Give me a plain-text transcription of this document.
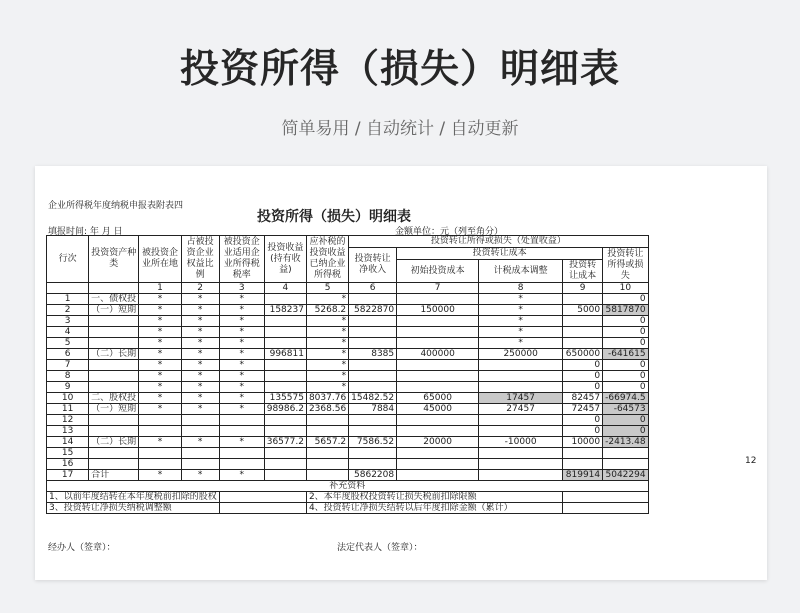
投资所得（损失）明细表
简单易用 / 自动统计 / 自动更新
企业所得税年度纳税申报表附表四
投资所得（损失）明细表
填报时间: 年 月 日	金额单位：元（列至角分）
12
行次	投资资产种类	被投资企业所在地	占被投资企业权益比例	被投资企业适用企业所得税税率	投资收益(持有收益)	应补税的投资收益已纳企业所得税	投资转让所得或损失（处置收益）				
							投资转让净收入	投资转让成本			投资转让所得或损失
								初始投资成本	计税成本调整	投资转让成本	
		1	2	3	4	5	6	7	8	9	10
1	一、债权投	*	*	*		*			*		0
2	（一）短期	*	*	*	158237	5268.2	5822870	150000	*	5000	5817870
3		*	*	*		*			*		0
4		*	*	*		*			*		0
5		*	*	*		*			*		0
6	（二）长期	*	*	*	996811	*	8385	400000	250000	650000	-641615
7		*	*	*		*				0	0
8		*	*	*		*				0	0
9		*	*	*		*				0	0
10	二、股权投	*	*	*	135575	8037.76	15482.52	65000	17457	82457	-66974.5
11	（一）短期	*	*	*	98986.2	2368.56	7884	45000	27457	72457	-64573
12										0	0
13										0	0
14	（二）长期	*	*	*	36577.2	5657.2	7586.52	20000	-10000	10000	-2413.48
15											
16											
17	合计	*	*	*			5862208			819914	5042294
补充资料											
1、以前年度结转在本年度税前扣除的股权						2、本年度股权投资转让损失税前扣除限额					
3、投资转让净损失纳税调整额						4、投资转让净损失结转以后年度扣除金额（累计）					
经办人（签章）：	法定代表人（签章）：
